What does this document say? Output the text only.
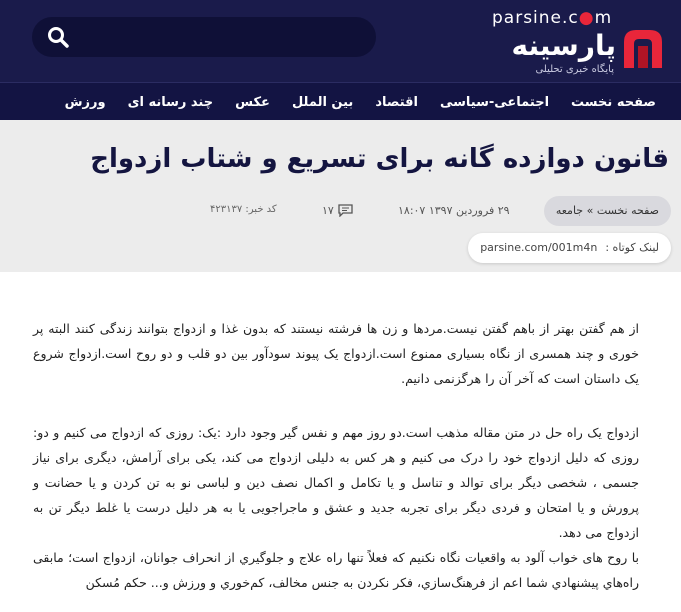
parsine.c●m
پارسینه
پایگاه خبری تحلیلی
صفحه نخست
اجتماعی-سیاسی
اقتصاد
بین الملل
عکس
چند رسانه ای
ورزش
قانون دوازده گانه برای تسریع و شتاب ازدواج
صفحه نخست » جامعه
۲۹ فروردین ۱۳۹۷ ۱۸:۰۷
۱۷
کد خبر: ۴۲۳۱۳۷
parsine.com/001m4n لینک کوتاه :

از هم گفتن بهتر از باهم گفتن نیست.مردها و زن ها فرشته نیستند که بدون غذا و ازدواج بتوانند زندگی کنند البته پر خوری و چند همسری از نگاه بسیاری ممنوع است.ازدواج یک پیوند سودآور بین دو قلب و دو روح است.ازدواج شروع یک داستان است که آخر آن را هرگزنمی دانیم.

ازدواج یک راه حل در متن مقاله مذهب است.دو روز مهم و نفس گیر وجود دارد :یک: روزی که ازدواج می کنیم و دو: روزی که دلیل ازدواج خود را درک می کنیم و هر کس به دلیلی ازدواج می کند، یکی برای آرامش، دیگری برای نیاز جسمی ، شخصی دیگر برای توالد و تناسل و یا تکامل و اکمال نصف دین و لباسی نو به تن کردن و یا حضانت و پرورش و یا امتحان و فردی دیگر برای تجربه جدید و عشق و ماجراجویی یا به هر دلیل درست یا غلط دیگر تن به ازدواج می دهد.
با روح های خواب آلود به واقعیات نگاه نکنیم که فعلاً تنها راه علاج و جلوگیري از انحراف جوانان، ازدواج است؛ مابقی راه‌هاي پیشنهادي شما اعم از فرهنگ‌سازي، فکر نکردن به جنس مخالف، کم‌خوري و ورزش و... حکم مُسکن
